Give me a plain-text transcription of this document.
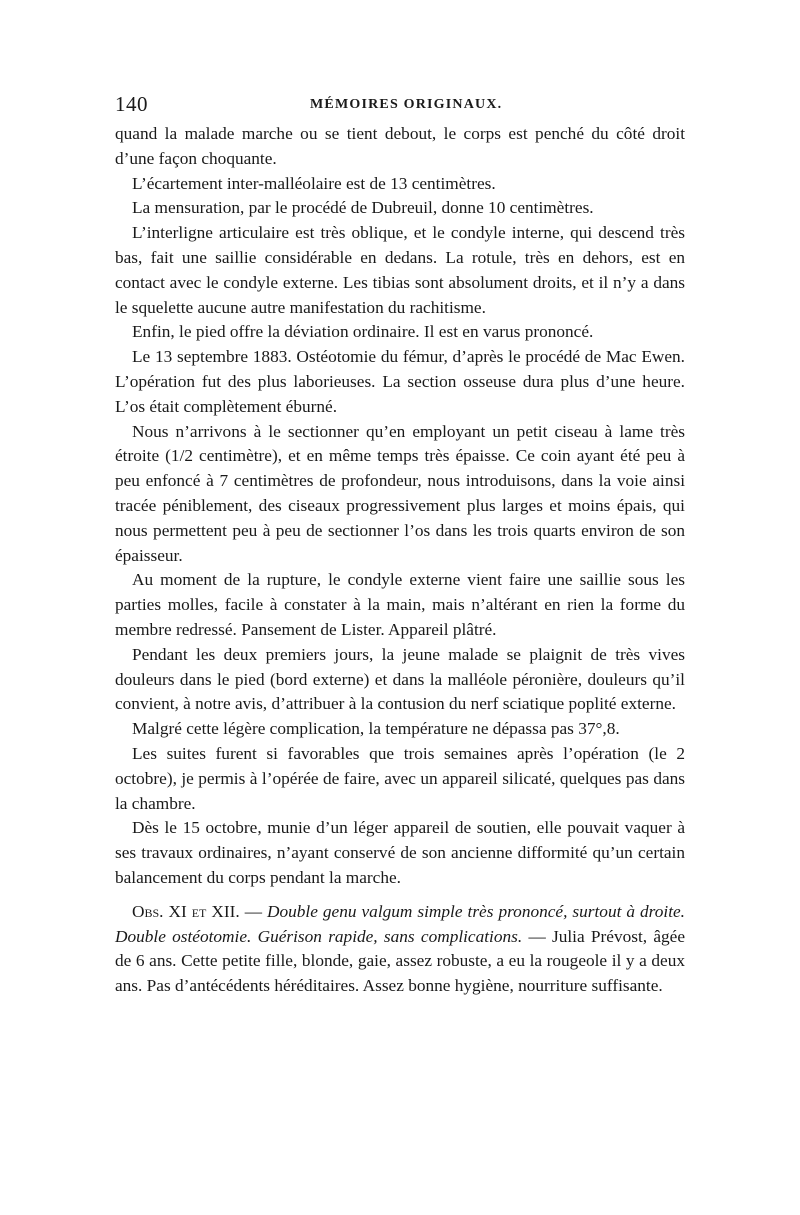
140	MÉMOIRES ORIGINAUX.

quand la malade marche ou se tient debout, le corps est penché du côté droit d’une façon choquante.

L’écartement inter-malléolaire est de 13 centimètres.

La mensuration, par le procédé de Dubreuil, donne 10 centimètres.

L’interligne articulaire est très oblique, et le condyle interne, qui descend très bas, fait une saillie considérable en dedans. La rotule, très en dehors, est en contact avec le condyle externe. Les tibias sont absolument droits, et il n’y a dans le squelette aucune autre manifestation du rachitisme.

Enfin, le pied offre la déviation ordinaire. Il est en varus prononcé.

Le 13 septembre 1883. Ostéotomie du fémur, d’après le procédé de Mac Ewen. L’opération fut des plus laborieuses. La section osseuse dura plus d’une heure. L’os était complètement éburné.

Nous n’arrivons à le sectionner qu’en employant un petit ciseau à lame très étroite (1/2 centimètre), et en même temps très épaisse. Ce coin ayant été peu à peu enfoncé à 7 centimètres de profondeur, nous introduisons, dans la voie ainsi tracée péniblement, des ciseaux progressivement plus larges et moins épais, qui nous permettent peu à peu de sectionner l’os dans les trois quarts environ de son épaisseur.

Au moment de la rupture, le condyle externe vient faire une saillie sous les parties molles, facile à constater à la main, mais n’altérant en rien la forme du membre redressé. Pansement de Lister. Appareil plâtré.

Pendant les deux premiers jours, la jeune malade se plaignit de très vives douleurs dans le pied (bord externe) et dans la malléole péronière, douleurs qu’il convient, à notre avis, d’attribuer à la contusion du nerf sciatique poplité externe.

Malgré cette légère complication, la température ne dépassa pas 37°,8.

Les suites furent si favorables que trois semaines après l’opération (le 2 octobre), je permis à l’opérée de faire, avec un appareil silicaté, quelques pas dans la chambre.

Dès le 15 octobre, munie d’un léger appareil de soutien, elle pouvait vaquer à ses travaux ordinaires, n’ayant conservé de son ancienne difformité qu’un certain balancement du corps pendant la marche.

Obs. XI et XII. — Double genu valgum simple très prononcé, surtout à droite. Double ostéotomie. Guérison rapide, sans complications. — Julia Prévost, âgée de 6 ans. Cette petite fille, blonde, gaie, assez robuste, a eu la rougeole il y a deux ans. Pas d’antécédents héréditaires. Assez bonne hygiène, nourriture suffisante.
